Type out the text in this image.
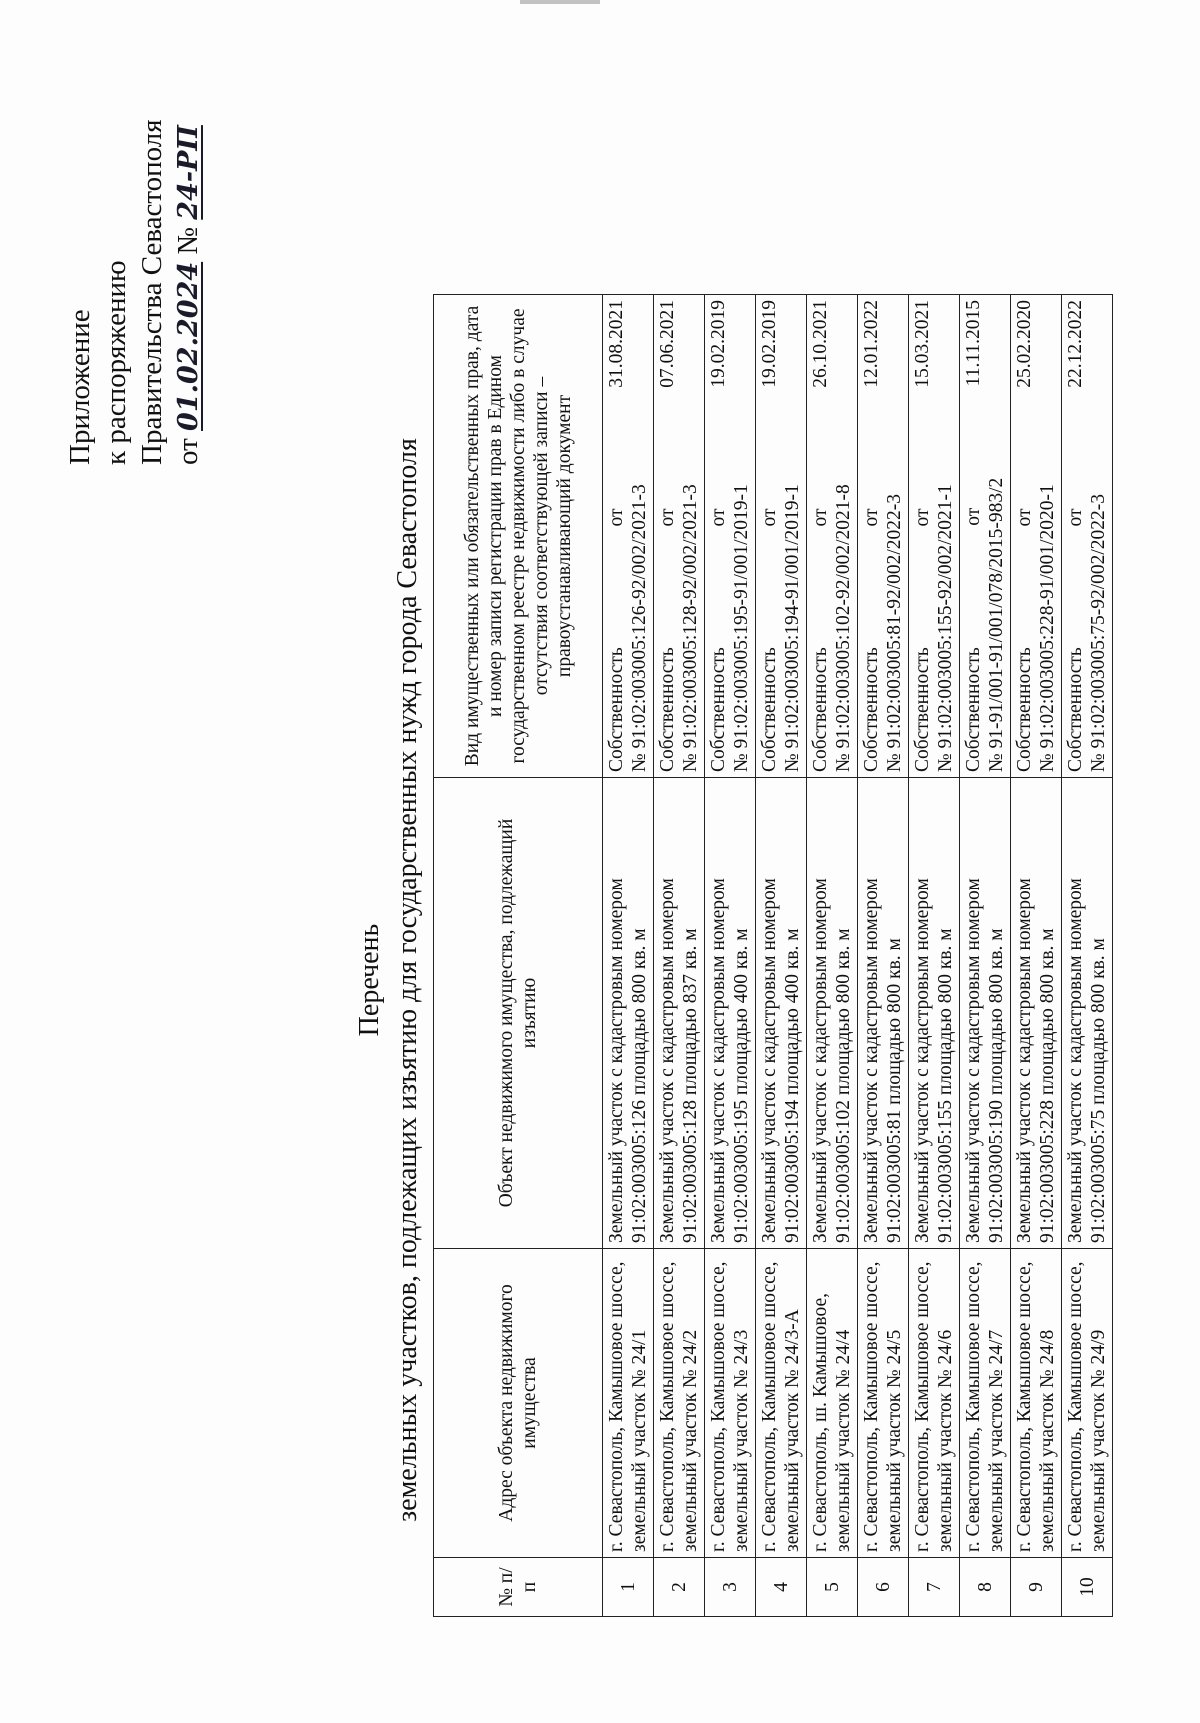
Приложение к распоряжению Правительства Севастополя от 01.02.2024 № 24-РП
Перечень земельных участков, подлежащих изъятию для государственных нужд города Севастополя
№ п/п	Адрес объекта недвижимого имущества	Объект недвижимого имущества, подлежащий изъятию	Вид имущественных или обязательственных прав, дата и номер записи регистрации прав в Едином государственном реестре недвижимости либо в случае отсутствия соответствующей записи – правоустанавливающий документ
1	г. Севастополь, Камышовое шоссе, земельный участок № 24/1	Земельный участок с кадастровым номером 91:02:003005:126 площадью 800 кв. м	Собственность
от
31.08.2021
№ 91:02:003005:126-92/002/2021-3

2	г. Севастополь, Камышовое шоссе, земельный участок № 24/2	Земельный участок с кадастровым номером 91:02:003005:128 площадью 837 кв. м	Собственность
от
07.06.2021
№ 91:02:003005:128-92/002/2021-3

3	г. Севастополь, Камышовое шоссе, земельный участок № 24/3	Земельный участок с кадастровым номером 91:02:003005:195 площадью 400 кв. м	Собственность
от
19.02.2019
№ 91:02:003005:195-91/001/2019-1

4	г. Севастополь, Камышовое шоссе, земельный участок № 24/3-А	Земельный участок с кадастровым номером 91:02:003005:194 площадью 400 кв. м	Собственность
от
19.02.2019
№ 91:02:003005:194-91/001/2019-1

5	г. Севастополь, ш. Камышовое, земельный участок № 24/4	Земельный участок с кадастровым номером 91:02:003005:102 площадью 800 кв. м	Собственность
от
26.10.2021
№ 91:02:003005:102-92/002/2021-8

6	г. Севастополь, Камышовое шоссе, земельный участок № 24/5	Земельный участок с кадастровым номером 91:02:003005:81 площадью 800 кв. м	Собственность
от
12.01.2022
№ 91:02:003005:81-92/002/2022-3

7	г. Севастополь, Камышовое шоссе, земельный участок № 24/6	Земельный участок с кадастровым номером 91:02:003005:155 площадью 800 кв. м	Собственность
от
15.03.2021
№ 91:02:003005:155-92/002/2021-1

8	г. Севастополь, Камышовое шоссе, земельный участок № 24/7	Земельный участок с кадастровым номером 91:02:003005:190 площадью 800 кв. м	Собственность
от
11.11.2015
№ 91-91/001-91/001/078/2015-983/2

9	г. Севастополь, Камышовое шоссе, земельный участок № 24/8	Земельный участок с кадастровым номером 91:02:003005:228 площадью 800 кв. м	Собственность
от
25.02.2020
№ 91:02:003005:228-91/001/2020-1

10	г. Севастополь, Камышовое шоссе, земельный участок № 24/9	Земельный участок с кадастровым номером 91:02:003005:75 площадью 800 кв. м	Собственность
от
22.12.2022
№ 91:02:003005:75-92/002/2022-3
